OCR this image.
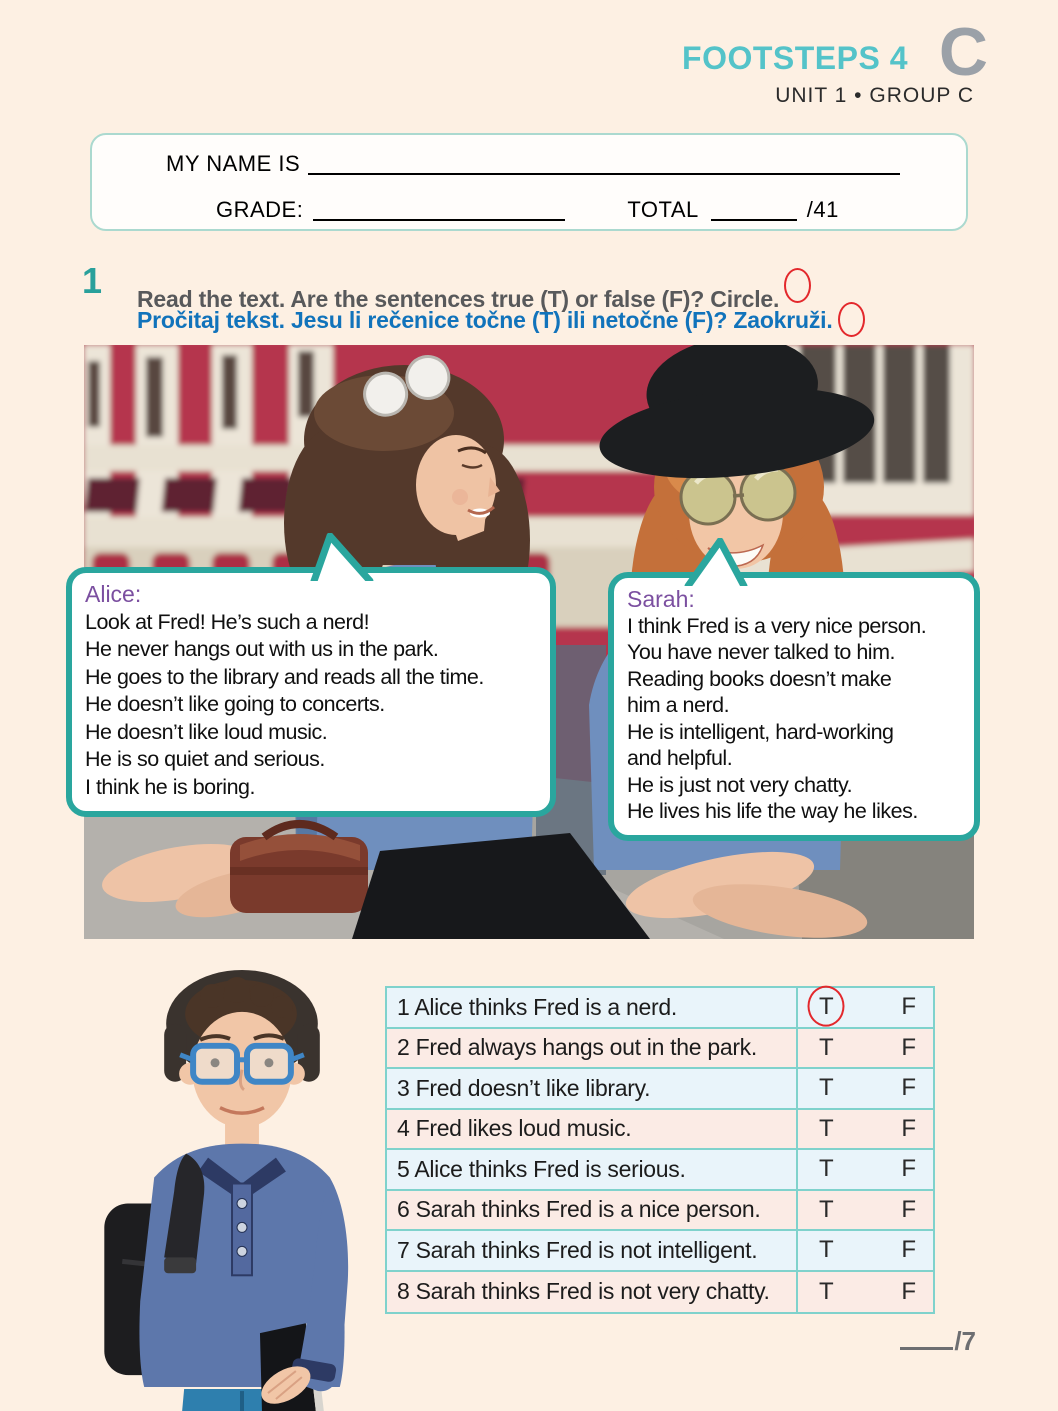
FOOTSTEPS 4 C
UNIT 1 • GROUP C
MY NAME IS
GRADE:	TOTAL	/41
1 Read the text. Are the sentences true (T) or false (F)? Circle.
Pročitaj tekst. Jesu li rečenice točne (T) ili netočne (F)? Zaokruži.
Alice:
Look at Fred! He’s such a nerd!
He never hangs out with us in the park.
He goes to the library and reads all the time.
He doesn’t like going to concerts.
He doesn’t like loud music.
He is so quiet and serious.
I think he is boring.
Sarah:
I think Fred is a very nice person.
You have never talked to him.
Reading books doesn’t make
him a nerd.
He is intelligent, hard-working
and helpful.
He is just not very chatty.
He lives his life the way he likes.
1 Alice thinks Fred is a nerd.	T	F
2 Fred always hangs out in the park.	T	F
3 Fred doesn’t like library.	T	F
4 Fred likes loud music.	T	F
5 Alice thinks Fred is serious.	T	F
6 Sarah thinks Fred is a nice person.	T	F
7 Sarah thinks Fred is not intelligent.	T	F
8 Sarah thinks Fred is not very chatty.	T	F
/7
